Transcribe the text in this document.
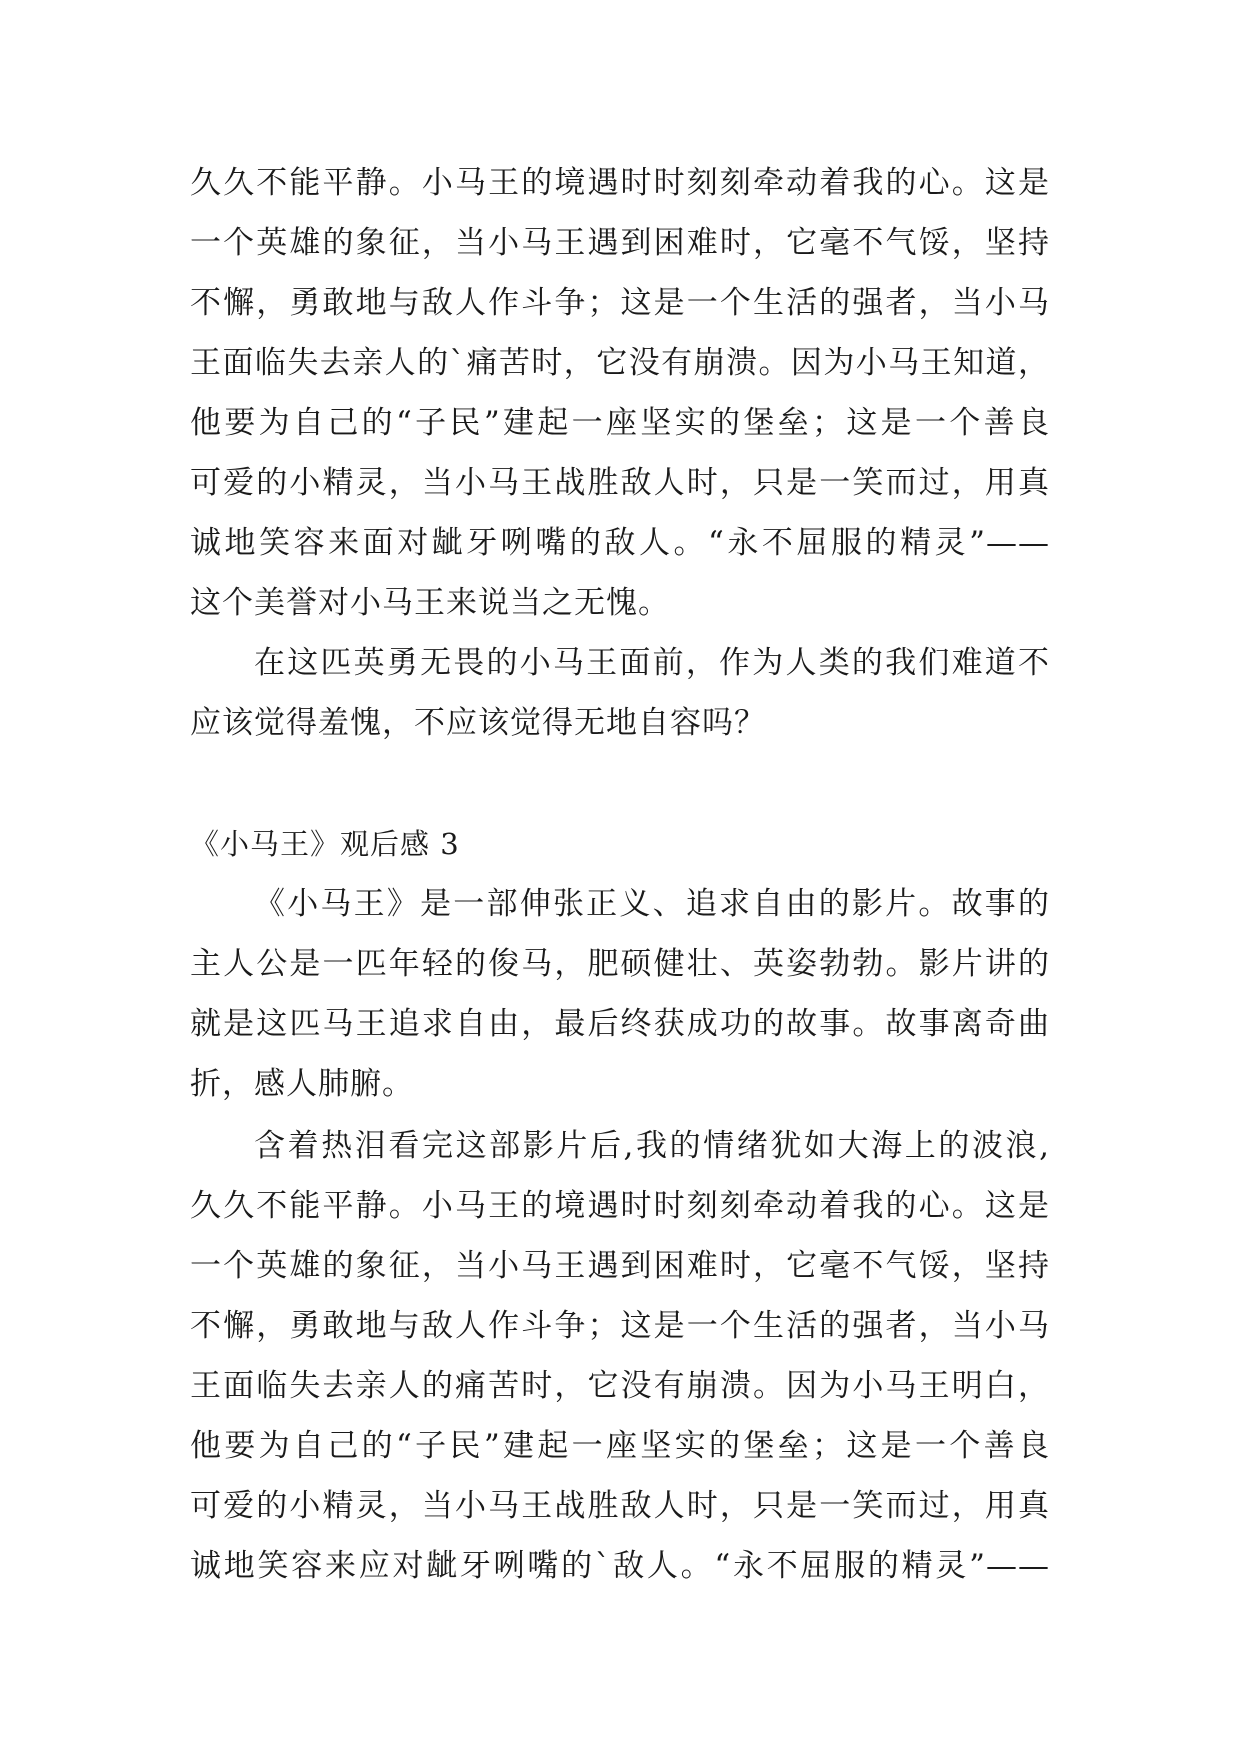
久久不能平静。小马王的境遇时时刻刻牵动着我的心。这是
一个英雄的象征，当小马王遇到困难时，它毫不气馁，坚持
不懈，勇敢地与敌人作斗争；这是一个生活的强者，当小马
王面临失去亲人的`痛苦时，它没有崩溃。因为小马王知道，
他要为自己的“子民”建起一座坚实的堡垒；这是一个善良
可爱的小精灵，当小马王战胜敌人时，只是一笑而过，用真
诚地笑容来面对龇牙咧嘴的敌人。“永不屈服的精灵”——
这个美誉对小马王来说当之无愧。
在这匹英勇无畏的小马王面前，作为人类的我们难道不
应该觉得羞愧，不应该觉得无地自容吗？
《小马王》观后感 3
《小马王》是一部伸张正义、追求自由的影片。故事的
主人公是一匹年轻的俊马，肥硕健壮、英姿勃勃。影片讲的
就是这匹马王追求自由，最后终获成功的故事。故事离奇曲
折，感人肺腑。
含着热泪看完这部影片后,我的情绪犹如大海上的波浪,
久久不能平静。小马王的境遇时时刻刻牵动着我的心。这是
一个英雄的象征，当小马王遇到困难时，它毫不气馁，坚持
不懈，勇敢地与敌人作斗争；这是一个生活的强者，当小马
王面临失去亲人的痛苦时，它没有崩溃。因为小马王明白，
他要为自己的“子民”建起一座坚实的堡垒；这是一个善良
可爱的小精灵，当小马王战胜敌人时，只是一笑而过，用真
诚地笑容来应对龇牙咧嘴的`敌人。“永不屈服的精灵”——
